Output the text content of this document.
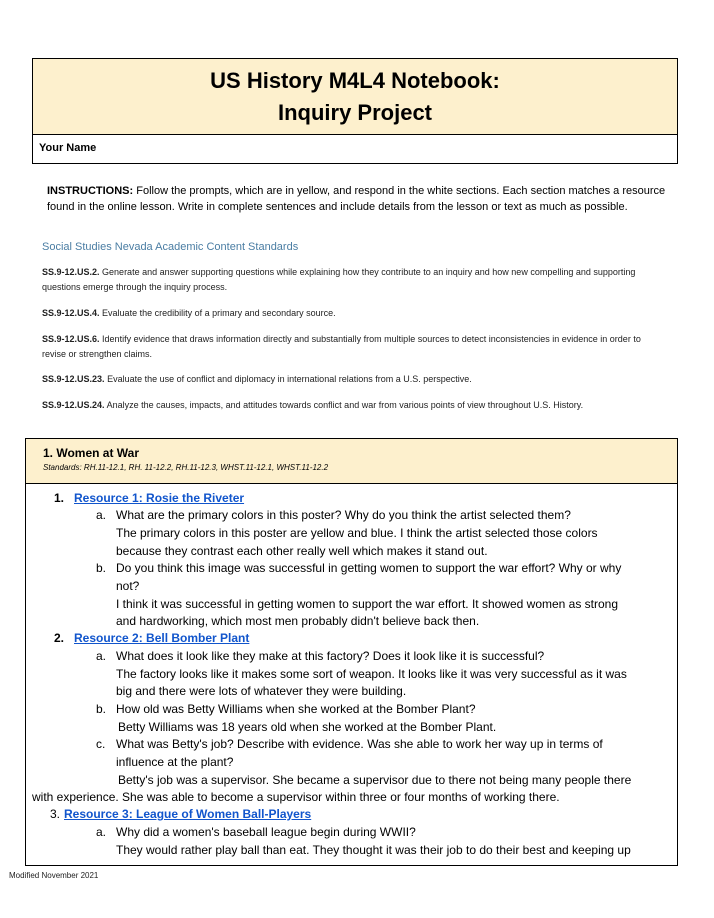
US History M4L4 Notebook:
Inquiry Project
Your Name
INSTRUCTIONS: Follow the prompts, which are in yellow, and respond in the white sections. Each section matches a resource found in the online lesson. Write in complete sentences and include details from the lesson or text as much as possible.
Social Studies Nevada Academic Content Standards
SS.9-12.US.2. Generate and answer supporting questions while explaining how they contribute to an inquiry and how new compelling and supporting questions emerge through the inquiry process.
SS.9-12.US.4. Evaluate the credibility of a primary and secondary source.
SS.9-12.US.6. Identify evidence that draws information directly and substantially from multiple sources to detect inconsistencies in evidence in order to revise or strengthen claims.
SS.9-12.US.23. Evaluate the use of conflict and diplomacy in international relations from a U.S. perspective.
SS.9-12.US.24. Analyze the causes, impacts, and attitudes towards conflict and war from various points of view throughout U.S. History.
1. Women at War
Standards: RH.11-12.1, RH. 11-12.2, RH.11-12.3, WHST.11-12.1, WHST.11-12.2
1. Resource 1: Rosie the Riveter
a. What are the primary colors in this poster? Why do you think the artist selected them?
The primary colors in this poster are yellow and blue. I think the artist selected those colors
because they contrast each other really well which makes it stand out.
b. Do you think this image was successful in getting women to support the war effort? Why or why
not?
I think it was successful in getting women to support the war effort. It showed women as strong
and hardworking, which most men probably didn't believe back then.
2. Resource 2: Bell Bomber Plant
a. What does it look like they make at this factory? Does it look like it is successful?
The factory looks like it makes some sort of weapon. It looks like it was very successful as it was
big and there were lots of whatever they were building.
b. How old was Betty Williams when she worked at the Bomber Plant?
Betty Williams was 18 years old when she worked at the Bomber Plant.
c. What was Betty's job? Describe with evidence. Was she able to work her way up in terms of
influence at the plant?
Betty's job was a supervisor. She became a supervisor due to there not being many people there
with experience. She was able to become a supervisor within three or four months of working there.
3. Resource 3: League of Women Ball-Players
a. Why did a women's baseball league begin during WWII?
They would rather play ball than eat. They thought it was their job to do their best and keeping up
Modified November 2021
